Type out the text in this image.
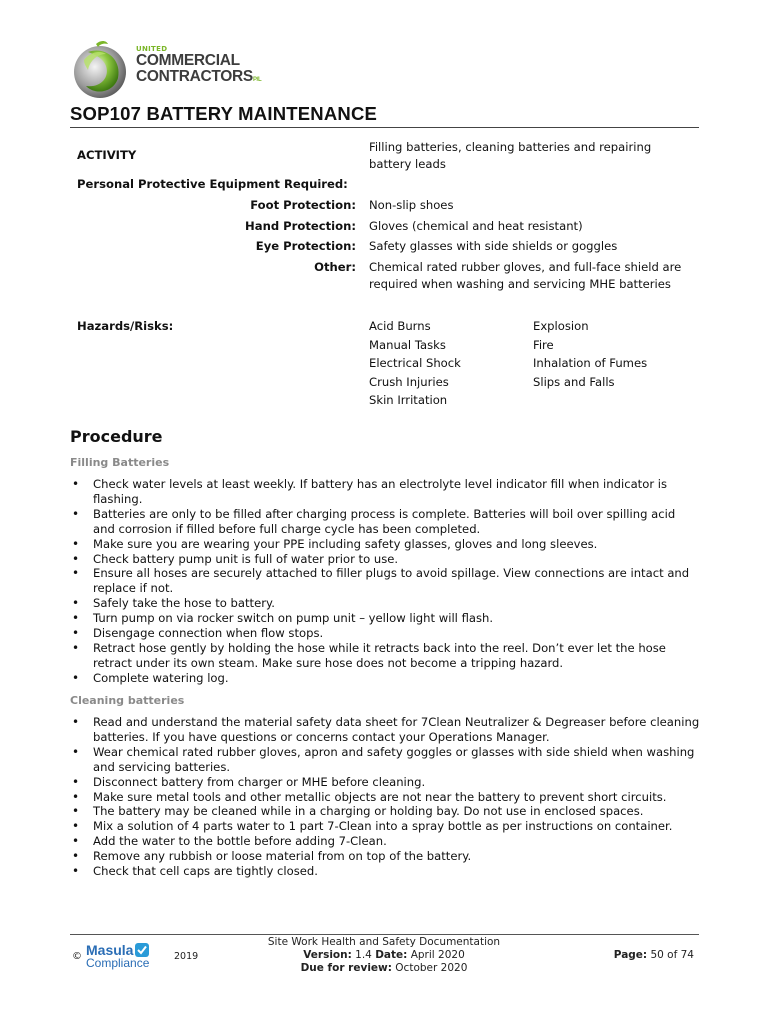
UNITED
COMMERCIAL
CONTRACTORSP/L
SOP107 BATTERY MAINTENANCE
ACTIVITY
Filling batteries, cleaning batteries and repairing battery leads
Personal Protective Equipment Required:
Foot Protection: Non-slip shoes
Hand Protection: Gloves (chemical and heat resistant)
Eye Protection: Safety glasses with side shields or goggles
Other: Chemical rated rubber gloves, and full-face shield are required when washing and servicing MHE batteries
Hazards/Risks:	Acid Burns
Manual Tasks
Electrical Shock
Crush Injuries
Skin Irritation
Explosion
Fire
Inhalation of Fumes
Slips and Falls
Procedure
Filling Batteries
• Check water levels at least weekly. If battery has an electrolyte level indicator fill when indicator is flashing.
• Batteries are only to be filled after charging process is complete. Batteries will boil over spilling acid and corrosion if filled before full charge cycle has been completed.
• Make sure you are wearing your PPE including safety glasses, gloves and long sleeves.
• Check battery pump unit is full of water prior to use.
• Ensure all hoses are securely attached to filler plugs to avoid spillage. View connections are intact and replace if not.
• Safely take the hose to battery.
• Turn pump on via rocker switch on pump unit – yellow light will flash.
• Disengage connection when flow stops.
• Retract hose gently by holding the hose while it retracts back into the reel. Don’t ever let the hose retract under its own steam. Make sure hose does not become a tripping hazard.
• Complete watering log.
Cleaning batteries
• Read and understand the material safety data sheet for 7Clean Neutralizer & Degreaser before cleaning batteries. If you have questions or concerns contact your Operations Manager.
• Wear chemical rated rubber gloves, apron and safety goggles or glasses with side shield when washing and servicing batteries.
• Disconnect battery from charger or MHE before cleaning.
• Make sure metal tools and other metallic objects are not near the battery to prevent short circuits.
• The battery may be cleaned while in a charging or holding bay. Do not use in enclosed spaces.
• Mix a solution of 4 parts water to 1 part 7-Clean into a spray bottle as per instructions on container.
• Add the water to the bottle before adding 7-Clean.
• Remove any rubbish or loose material from on top of the battery.
• Check that cell caps are tightly closed.
© Masula
Compliance	2019
Site Work Health and Safety Documentation
Version: 1.4 Date: April 2020
Due for review: October 2020
Page: 50 of 74
